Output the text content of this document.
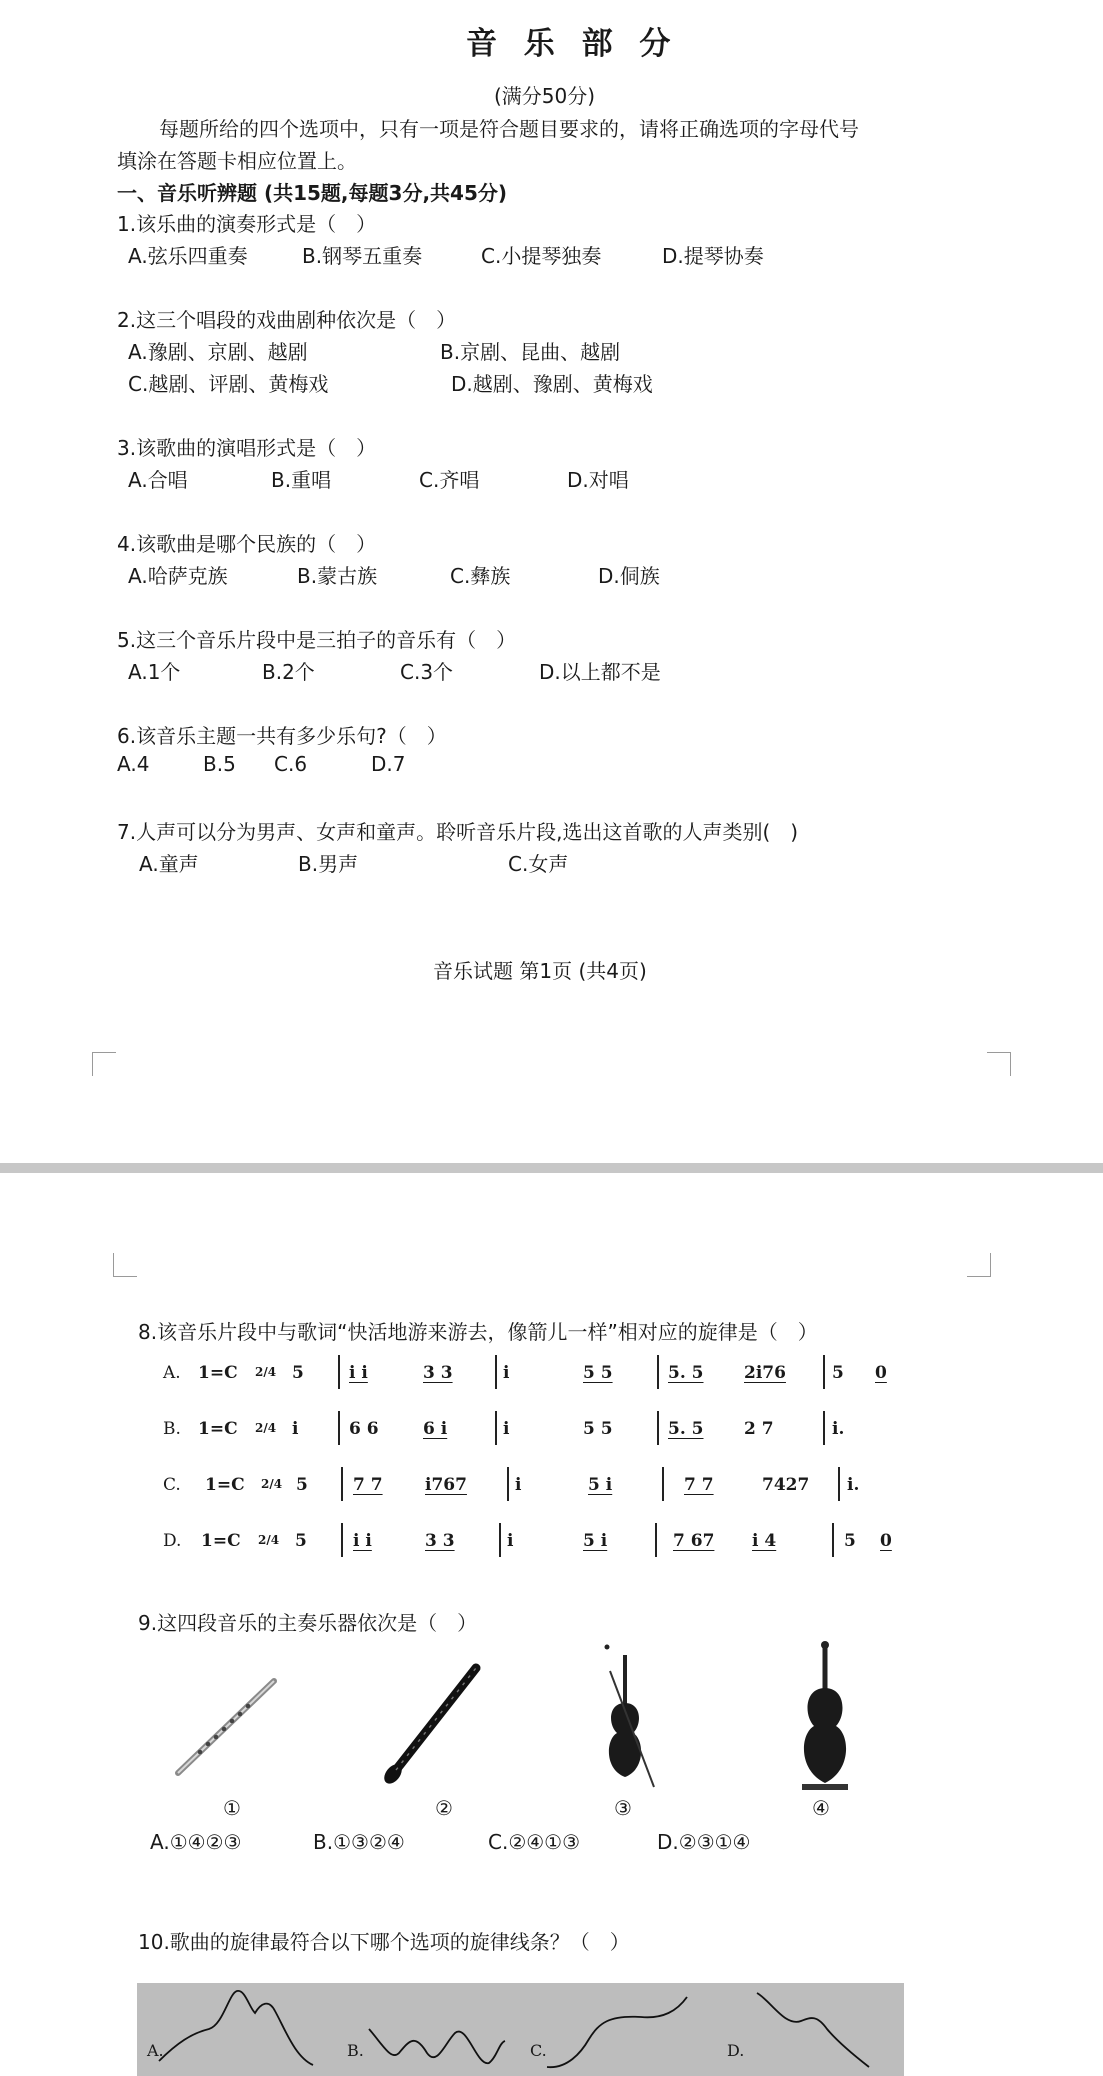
音 乐 部 分
(满分50分)
每题所给的四个选项中，只有一项是符合题目要求的，请将正确选项的字母代号
填涂在答题卡相应位置上。
一、音乐听辨题 (共15题,每题3分,共45分)
1.该乐曲的演奏形式是（　）
A.弦乐四重奏	B.钢琴五重奏	C.小提琴独奏	D.提琴协奏
2.这三个唱段的戏曲剧种依次是（　）
A.豫剧、京剧、越剧	B.京剧、昆曲、越剧
C.越剧、评剧、黄梅戏	D.越剧、豫剧、黄梅戏
3.该歌曲的演唱形式是（　）
A.合唱	B.重唱	C.齐唱	D.对唱
4.该歌曲是哪个民族的（　）
A.哈萨克族	B.蒙古族	C.彝族	D.侗族
5.这三个音乐片段中是三拍子的音乐有（　）
A.1个	B.2个	C.3个	D.以上都不是
6.该音乐主题一共有多少乐句?（　）
A.4	B.5 C.6	D.7
7.人声可以分为男声、女声和童声。聆听音乐片段,选出这首歌的人声类别(　)
A.童声	B.男声	C.女声
音乐试题 第1页 (共4页)
8.该音乐片段中与歌词“快活地游来游去，像箭儿一样”相对应的旋律是（　）
A. 1=C 2/4 5	i i	3 3	i	5 5	5. 5 2i76	5 0
B. 1=C 2/4 i	6 6	6 i	i	5 5	5. 5 2 7	i.
C. 1=C 2/4 5	7 7 i767	i	5 i	7 7	7427 i.
D. 1=C 2/4 5	i i	3 3	i	5 i	7 67 i 4	5 0
9.这四段音乐的主奏乐器依次是（　）
①	②	③	④
A.①④②③	B.①③②④	C.②④①③	D.②③①④
10.歌曲的旋律最符合以下哪个选项的旋律线条？（　）
A.	B.	C.	D.
